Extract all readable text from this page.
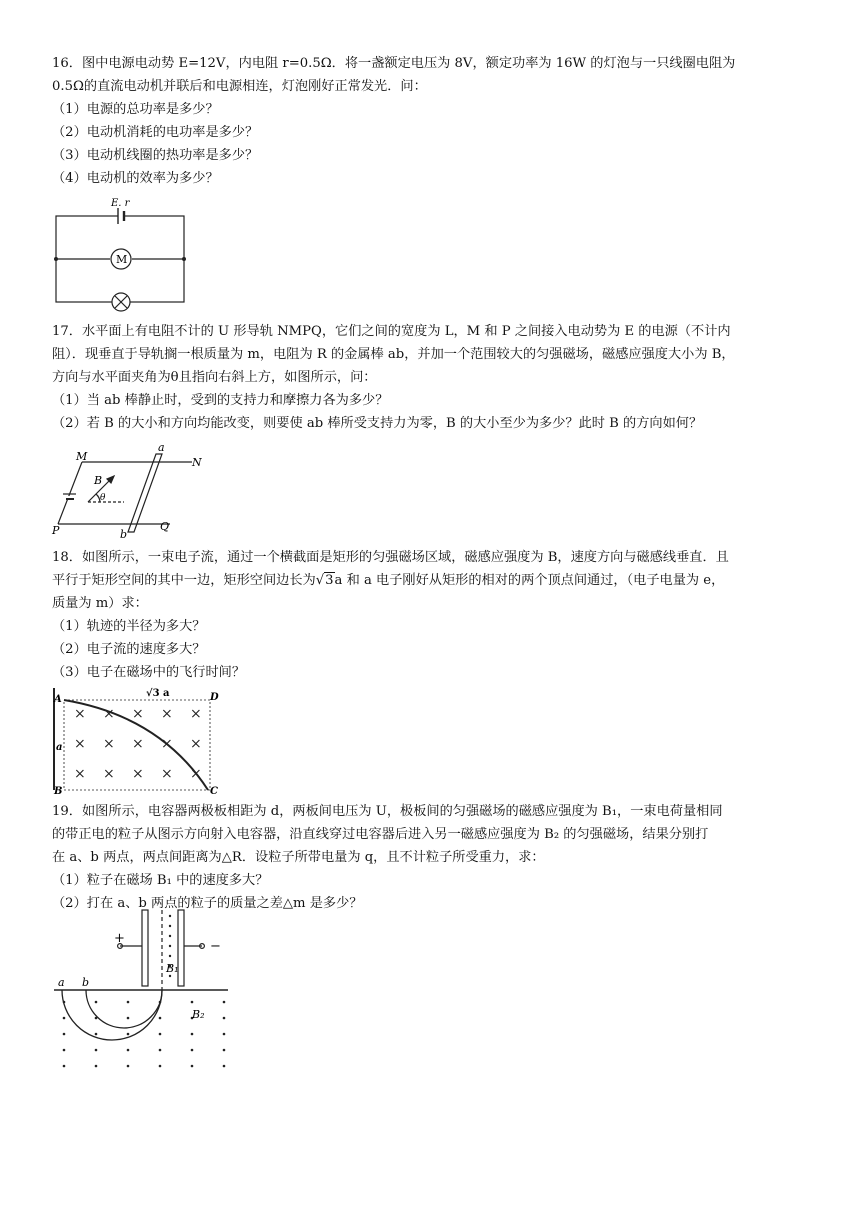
16．图中电源电动势 E=12V，内电阻 r=0.5Ω．将一盏额定电压为 8V，额定功率为 16W 的灯泡与一只线圈电阻为

0.5Ω的直流电动机并联后和电源相连，灯泡刚好正常发光．问：

（1）电源的总功率是多少？

（2）电动机消耗的电功率是多少？

（3）电动机线圈的热功率是多少？

（4）电动机的效率为多少？

E. r
M

17．水平面上有电阻不计的 U 形导轨 NMPQ，它们之间的宽度为 L，M 和 P 之间接入电动势为 E 的电源（不计内

阻）．现垂直于导轨搁一根质量为 m，电阻为 R 的金属棒 ab，并加一个范围较大的匀强磁场，磁感应强度大小为 B，

方向与水平面夹角为θ且指向右斜上方，如图所示，问：

（1）当 ab 棒静止时，受到的支持力和摩擦力各为多少？

（2）若 B 的大小和方向均能改变，则要使 ab 棒所受支持力为零，B 的大小至少为多少？此时 B 的方向如何？

M
a
N
B
θ
P	b
Q

18．如图所示，一束电子流，通过一个横截面是矩形的匀强磁场区域，磁感应强度为 B，速度方向与磁感线垂直．且

平行于矩形空间的其中一边，矩形空间边长为√3a 和 a 电子刚好从矩形的相对的两个顶点间通过，（电子电量为 e，

质量为 m）求：

（1）轨迹的半径为多大？

（2）电子流的速度多大？

（3）电子在磁场中的飞行时间？

× × × × ×
× × × × ×
× × × × ×
√3 a
a
A	D
B	C

19．如图所示，电容器两极板相距为 d，两板间电压为 U，极板间的匀强磁场的磁感应强度为 B₁，一束电荷量相同

的带正电的粒子从图示方向射入电容器，沿直线穿过电容器后进入另一磁感应强度为 B₂ 的匀强磁场，结果分别打

在 a、b 两点，两点间距离为△R．设粒子所带电量为 q，且不计粒子所受重力，求：

（1）粒子在磁场 B₁ 中的速度多大？

（2）打在 a、b 两点的粒子的质量之差△m 是多少？

+
−
B₁
B₂
a b
